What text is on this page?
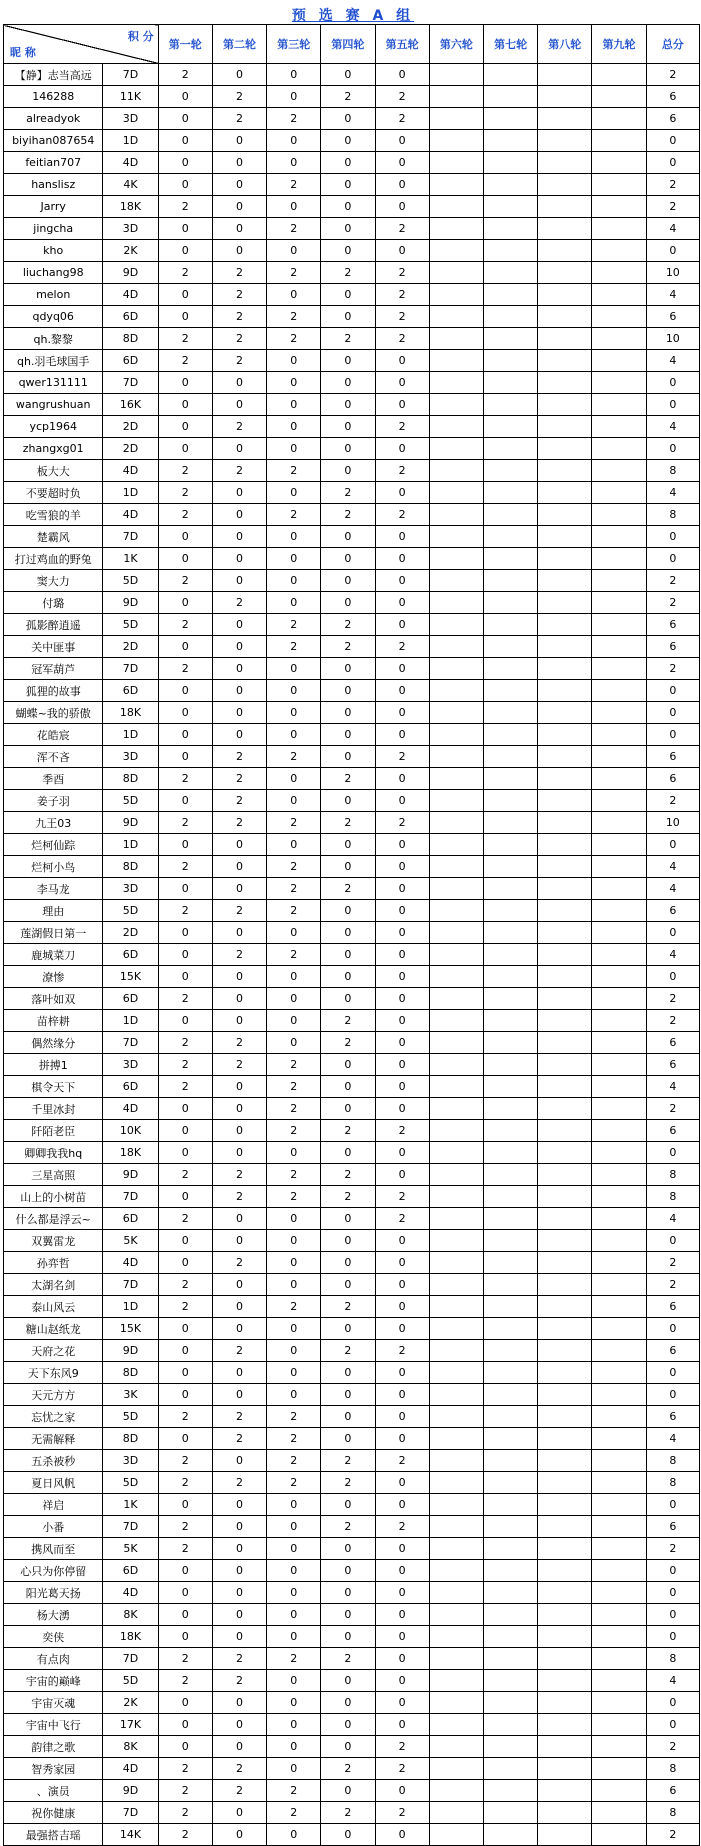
预 选 赛 A 组
积 分
昵 称		第一轮	第二轮	第三轮	第四轮	第五轮	第六轮	第七轮	第八轮	第九轮	总分
【静】志当高远	7D	2	0	0	0	0					2
146288	11K	0	2	0	2	2					6
alreadyok	3D	0	2	2	0	2					6
biyihan087654	1D	0	0	0	0	0					0
feitian707	4D	0	0	0	0	0					0
hanslisz	4K	0	0	2	0	0					2
Jarry	18K	2	0	0	0	0					2
jingcha	3D	0	0	2	0	2					4
kho	2K	0	0	0	0	0					0
liuchang98	9D	2	2	2	2	2					10
melon	4D	0	2	0	0	2					4
qdyq06	6D	0	2	2	0	2					6
qh.黎黎	8D	2	2	2	2	2					10
qh.羽毛球国手	6D	2	2	0	0	0					4
qwer131111	7D	0	0	0	0	0					0
wangrushuan	16K	0	0	0	0	0					0
ycp1964	2D	0	2	0	0	2					4
zhangxg01	2D	0	0	0	0	0					0
板大大	4D	2	2	2	0	2					8
不要超时负	1D	2	0	0	2	0					4
吃雪狼的羊	4D	2	0	2	2	2					8
楚霸风	7D	0	0	0	0	0					0
打过鸡血的野兔	1K	0	0	0	0	0					0
窦大力	5D	2	0	0	0	0					2
付璐	9D	0	2	0	0	0					2
孤影醉逍遥	5D	2	0	2	2	0					6
关中匪事	2D	0	0	2	2	2					6
冠军葫芦	7D	2	0	0	0	0					2
狐狸的故事	6D	0	0	0	0	0					0
蝴蝶~我的骄傲	18K	0	0	0	0	0					0
花皓宸	1D	0	0	0	0	0					0
浑不吝	3D	0	2	2	0	2					6
季酉	8D	2	2	0	2	0					6
姜子羽	5D	0	2	0	0	0					2
九王03	9D	2	2	2	2	2					10
烂柯仙踪	1D	0	0	0	0	0					0
烂柯小鸟	8D	2	0	2	0	0					4
李马龙	3D	0	0	2	2	0					4
理由	5D	2	2	2	0	0					6
莲湖假日第一	2D	0	0	0	0	0					0
鹿城菜刀	6D	0	2	2	0	0					4
潦惨	15K	0	0	0	0	0					0
落叶如双	6D	2	0	0	0	0					2
苗梓耕	1D	0	0	0	2	0					2
偶然缘分	7D	2	2	0	2	0					6
拼搏1	3D	2	2	2	0	0					6
棋令天下	6D	2	0	2	0	0					4
千里冰封	4D	0	0	2	0	0					2
阡陌老臣	10K	0	0	2	2	2					6
卿卿我我hq	18K	0	0	0	0	0					0
三星高照	9D	2	2	2	2	0					8
山上的小树苗	7D	0	2	2	2	2					8
什么都是浮云~	6D	2	0	0	0	2					4
双翼雷龙	5K	0	0	0	0	0					0
孙弈哲	4D	0	2	0	0	0					2
太湖名剑	7D	2	0	0	0	0					2
泰山风云	1D	2	0	2	2	0					6
糖山赵纸龙	15K	0	0	0	0	0					0
天府之花	9D	0	2	0	2	2					6
天下东风9	8D	0	0	0	0	0					0
天元方方	3K	0	0	0	0	0					0
忘忧之家	5D	2	2	2	0	0					6
无需解释	8D	0	2	2	0	0					4
五杀被秒	3D	2	0	2	2	2					8
夏日风帆	5D	2	2	2	2	0					8
祥启	1K	0	0	0	0	0					0
小番	7D	2	0	0	2	2					6
携风而至	5K	2	0	0	0	0					2
心只为你停留	6D	0	0	0	0	0					0
阳光葛天扬	4D	0	0	0	0	0					0
杨大湧	8K	0	0	0	0	0					0
奕侠	18K	0	0	0	0	0					0
有点肉	7D	2	2	2	2	0					8
宇宙的巅峰	5D	2	2	0	0	0					4
宇宙灭魂	2K	0	0	0	0	0					0
宇宙中飞行	17K	0	0	0	0	0					0
韵律之歌	8K	0	0	0	0	2					2
智秀家园	4D	2	2	0	2	2					8
、演员	9D	2	2	2	0	0					6
祝你健康	7D	2	0	2	2	2					8
最强搭吉瑶	14K	2	0	0	0	0					2
